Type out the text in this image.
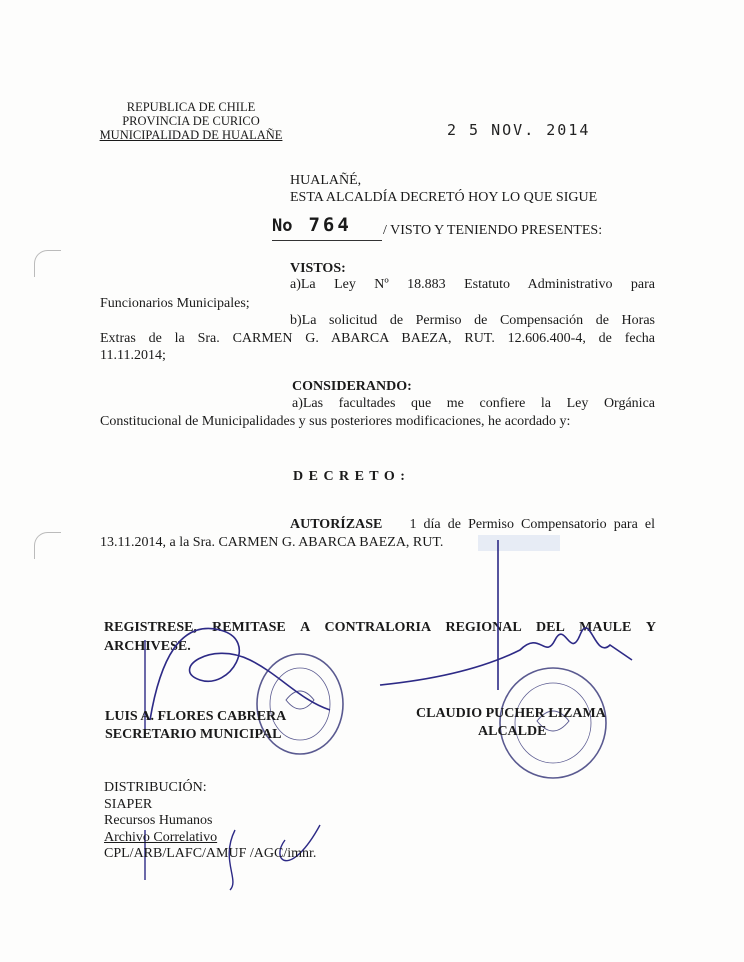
REPUBLICA DE CHILE
PROVINCIA DE CURICO
MUNICIPALIDAD DE HUALAÑE	2 5 NOV. 2014
HUALAÑÉ,
ESTA ALCALDÍA DECRETÓ HOY LO QUE SIGUE
No 764	/ VISTO Y TENIENDO PRESENTES:
VISTOS:
a)La Ley Nº 18.883 Estatuto Administrativo para
Funcionarios Municipales;
b)La solicitud de Permiso de Compensación de Horas
Extras de la Sra. CARMEN G. ABARCA BAEZA, RUT. 12.606.400-4, de fecha
11.11.2014;
CONSIDERANDO:
a)Las facultades que me confiere la Ley Orgánica
Constitucional de Municipalidades y sus posteriores modificaciones, he acordado y:
D E C R E T O :
AUTORÍZASE 1 día de Permiso Compensatorio para el
13.11.2014, a la Sra. CARMEN G. ABARCA BAEZA, RUT.
REGISTRESE, REMITASE A CONTRALORIA REGIONAL DEL MAULE Y
ARCHIVESE.
LUIS A. FLORES CABRERA
SECRETARIO MUNICIPAL
CLAUDIO PUCHER LIZAMA
ALCALDE
DISTRIBUCIÓN:
SIAPER
Recursos Humanos
Archivo Correlativo
CPL/ARB/LAFC/AMUF /AGC/imnr.
